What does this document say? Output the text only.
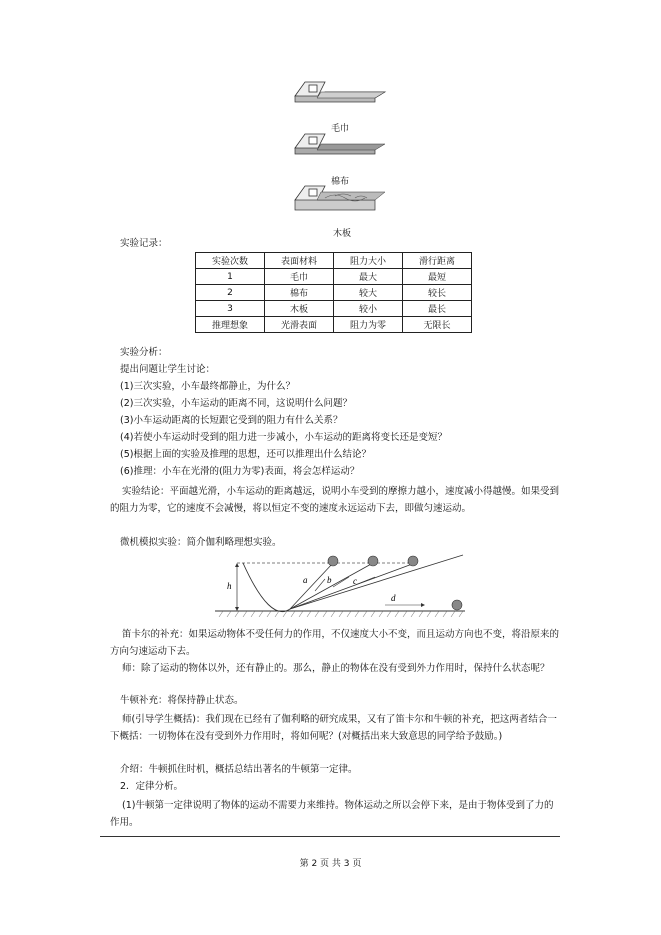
毛巾
棉布
木板
实验记录：
实验次数	表面材料	阻力大小	滑行距离
1	毛巾	最大	最短
2	棉布	较大	较长
3	木板	较小	最长
推理想象	光滑表面	阻力为零	无限长
实验分析：
提出问题让学生讨论：
(1)三次实验，小车最终都静止，为什么？
(2)三次实验，小车运动的距离不同，这说明什么问题？
(3)小车运动距离的长短跟它受到的阻力有什么关系？
(4)若使小车运动时受到的阻力进一步减小，小车运动的距离将变长还是变短？
(5)根据上面的实验及推理的思想，还可以推理出什么结论？
(6)推理：小车在光滑的(阻力为零)表面，将会怎样运动？
实验结论：平面越光滑，小车运动的距离越远，说明小车受到的摩擦力越小，速度减小得越慢。如果受到的阻力为零，它的速度不会减慢，将以恒定不变的速度永远运动下去，即做匀速运动。
微机模拟实验：简介伽利略理想实验。
h
a b c
d
笛卡尔的补充：如果运动物体不受任何力的作用，不仅速度大小不变，而且运动方向也不变，将沿原来的方向匀速运动下去。
师：除了运动的物体以外，还有静止的。那么，静止的物体在没有受到外力作用时，保持什么状态呢？
牛顿补充：将保持静止状态。
师(引导学生概括)：我们现在已经有了伽利略的研究成果，又有了笛卡尔和牛顿的补充，把这两者结合一下概括：一切物体在没有受到外力作用时，将如何呢？(对概括出来大致意思的同学给予鼓励。)
介绍：牛顿抓住时机，概括总结出著名的牛顿第一定律。
2．定律分析。
(1)牛顿第一定律说明了物体的运动不需要力来维持。物体运动之所以会停下来，是由于物体受到了力的作用。
第 2 页 共 3 页
